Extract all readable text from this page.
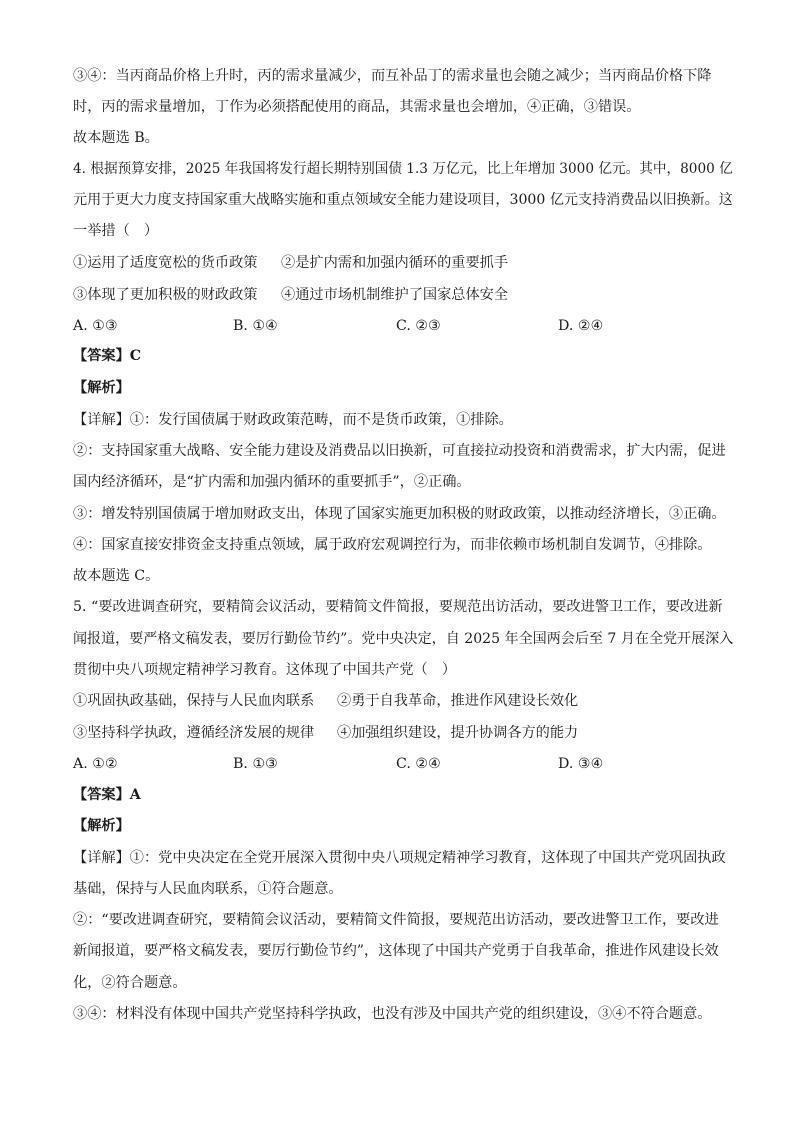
③④：当丙商品价格上升时，丙的需求量减少，而互补品丁的需求量也会随之减少；当丙商品价格下降
时，丙的需求量增加，丁作为必须搭配使用的商品，其需求量也会增加，④正确，③错误。
故本题选 B。
4. 根据预算安排，2025 年我国将发行超长期特别国债 1.3 万亿元，比上年增加 3000 亿元。其中，8000 亿
元用于更大力度支持国家重大战略实施和重点领域安全能力建设项目，3000 亿元支持消费品以旧换新。这
一举措（　）
①运用了适度宽松的货币政策 ②是扩内需和加强内循环的重要抓手
③体现了更加积极的财政政策 ④通过市场机制维护了国家总体安全
A. ①③	B. ①④	C. ②③	D. ②④
【答案】C
【解析】
【详解】①：发行国债属于财政政策范畴，而不是货币政策，①排除。
②：支持国家重大战略、安全能力建设及消费品以旧换新，可直接拉动投资和消费需求，扩大内需，促进
国内经济循环，是“扩内需和加强内循环的重要抓手”，②正确。
③：增发特别国债属于增加财政支出，体现了国家实施更加积极的财政政策，以推动经济增长，③正确。
④：国家直接安排资金支持重点领域，属于政府宏观调控行为，而非依赖市场机制自发调节，④排除。
故本题选 C。
5. “要改进调查研究，要精简会议活动，要精简文件简报，要规范出访活动，要改进警卫工作，要改进新
闻报道，要严格文稿发表，要厉行勤俭节约”。党中央决定，自 2025 年全国两会后至 7 月在全党开展深入
贯彻中央八项规定精神学习教育。这体现了中国共产党（　）
①巩固执政基础，保持与人民血肉联系 ②勇于自我革命，推进作风建设长效化
③坚持科学执政，遵循经济发展的规律 ④加强组织建设，提升协调各方的能力
A. ①②	B. ①③	C. ②④	D. ③④
【答案】A
【解析】
【详解】①：党中央决定在全党开展深入贯彻中央八项规定精神学习教育，这体现了中国共产党巩固执政
基础，保持与人民血肉联系，①符合题意。
②：“要改进调查研究，要精简会议活动，要精简文件简报，要规范出访活动，要改进警卫工作，要改进
新闻报道，要严格文稿发表，要厉行勤俭节约”，这体现了中国共产党勇于自我革命，推进作风建设长效
化，②符合题意。
③④：材料没有体现中国共产党坚持科学执政，也没有涉及中国共产党的组织建设，③④不符合题意。
